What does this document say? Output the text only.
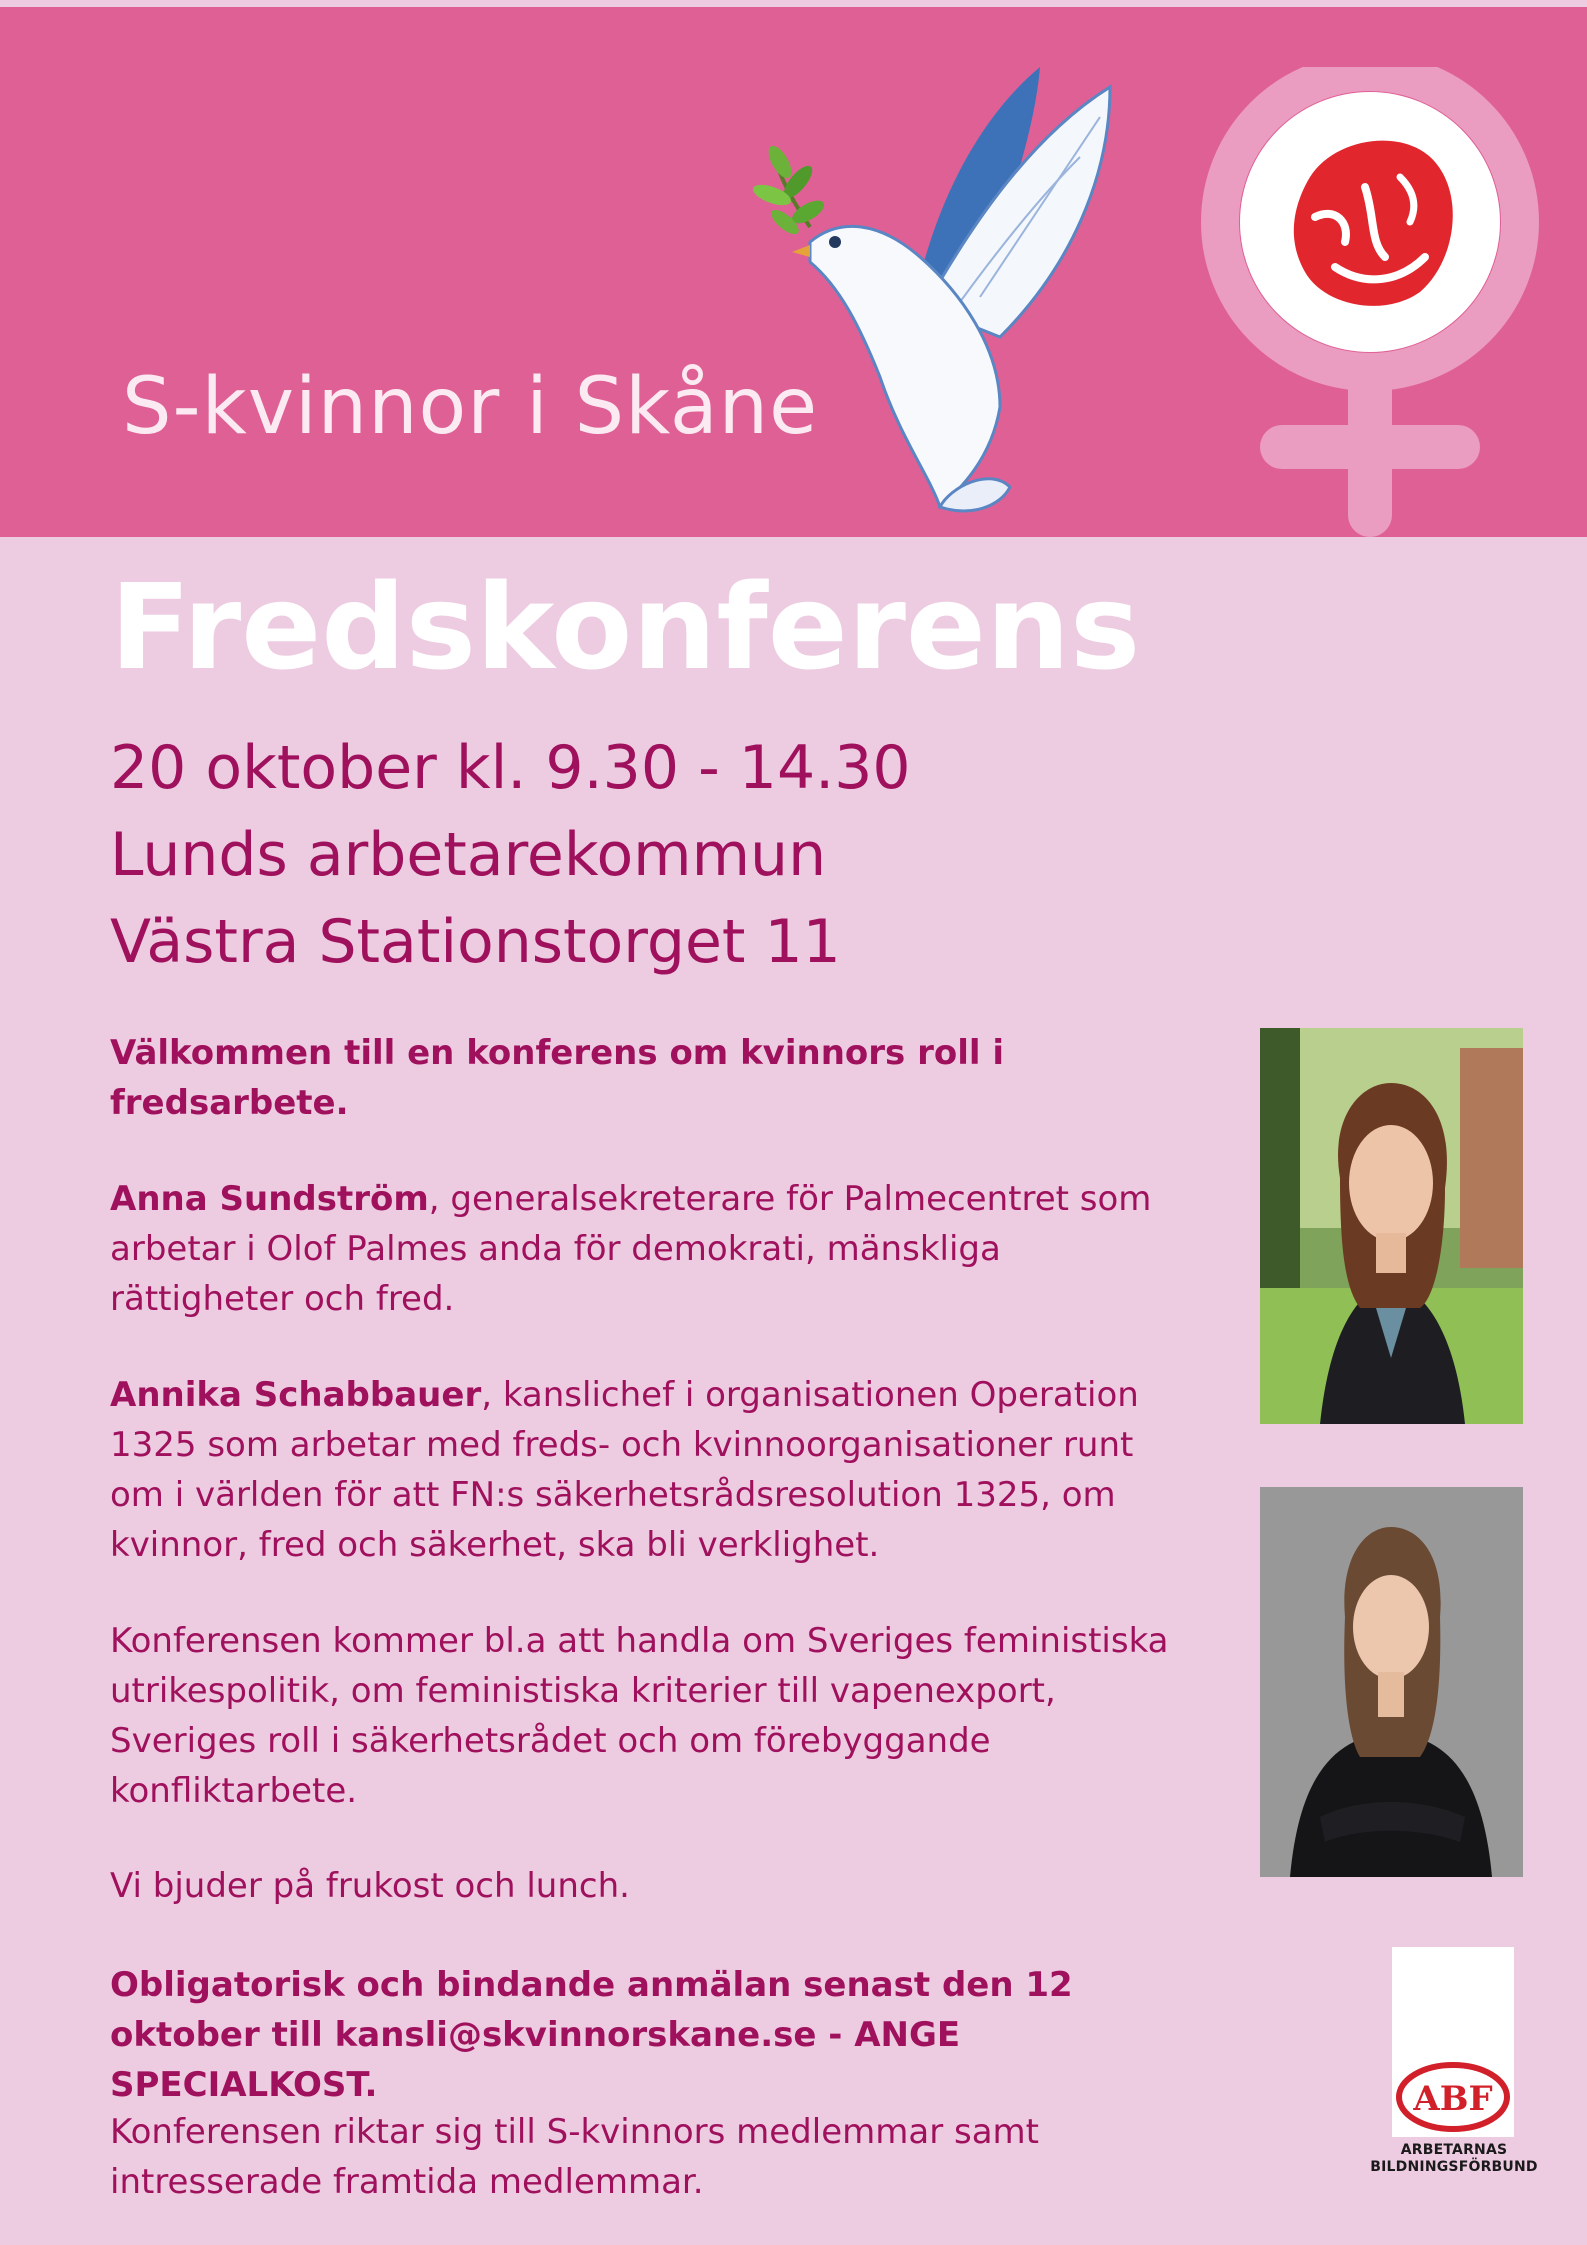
S-kvinnor i Skåne
Fredskonferens
20 oktober kl. 9.30 - 14.30
Lunds arbetarekommun
Västra Stationstorget 11
Välkommen till en konferens om kvinnors roll i fredsarbete.
Anna Sundström, generalsekreterare för Palmecentret som arbetar i Olof Palmes anda för demokrati, mänskliga rättigheter och fred.
Annika Schabbauer, kanslichef i organisationen Operation 1325 som arbetar med freds- och kvinnoorganisationer runt om i världen för att FN:s säkerhetsrådsresolution 1325, om kvinnor, fred och säkerhet, ska bli verklighet.
Konferensen kommer bl.a att handla om Sveriges feministiska utrikespolitik, om feministiska kriterier till vapenexport, Sveriges roll i säkerhetsrådet och om förebyggande konfliktarbete.
Vi bjuder på frukost och lunch.
Obligatorisk och bindande anmälan senast den 12 oktober till kansli@skvinnorskane.se - ANGE SPECIALKOST.
Konferensen riktar sig till S-kvinnors medlemmar samt intresserade framtida medlemmar.
ABF
ARBETARNAS
BILDNINGSFÖRBUND
